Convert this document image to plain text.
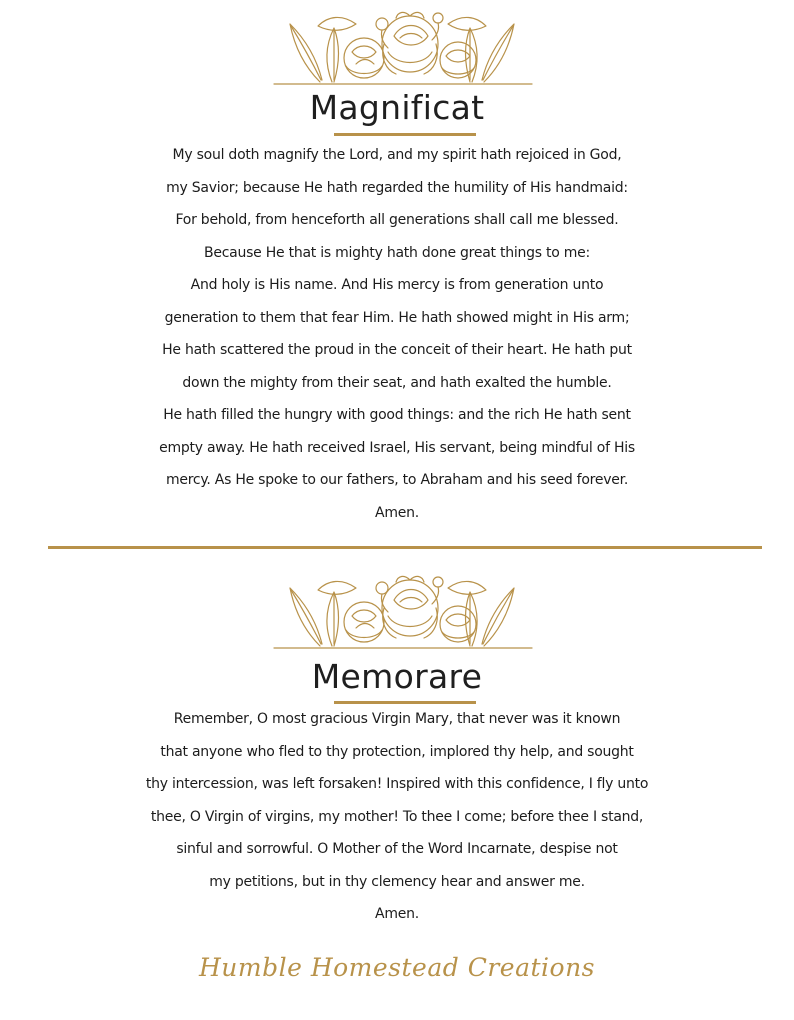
Magnificat

My soul doth magnify the Lord, and my spirit hath rejoiced in God,
my Savior; because He hath regarded the humility of His handmaid:
For behold, from henceforth all generations shall call me blessed.
Because He that is mighty hath done great things to me:
And holy is His name. And His mercy is from generation unto
generation to them that fear Him. He hath showed might in His arm;
He hath scattered the proud in the conceit of their heart. He hath put
down the mighty from their seat, and hath exalted the humble.
He hath filled the hungry with good things: and the rich He hath sent
empty away. He hath received Israel, His servant, being mindful of His
mercy. As He spoke to our fathers, to Abraham and his seed forever.
Amen.

Memorare

Remember, O most gracious Virgin Mary, that never was it known
that anyone who fled to thy protection, implored thy help, and sought
thy intercession, was left forsaken! Inspired with this confidence, I fly unto
thee, O Virgin of virgins, my mother! To thee I come; before thee I stand,
sinful and sorrowful. O Mother of the Word Incarnate, despise not
my petitions, but in thy clemency hear and answer me.
Amen.

Humble Homestead Creations
